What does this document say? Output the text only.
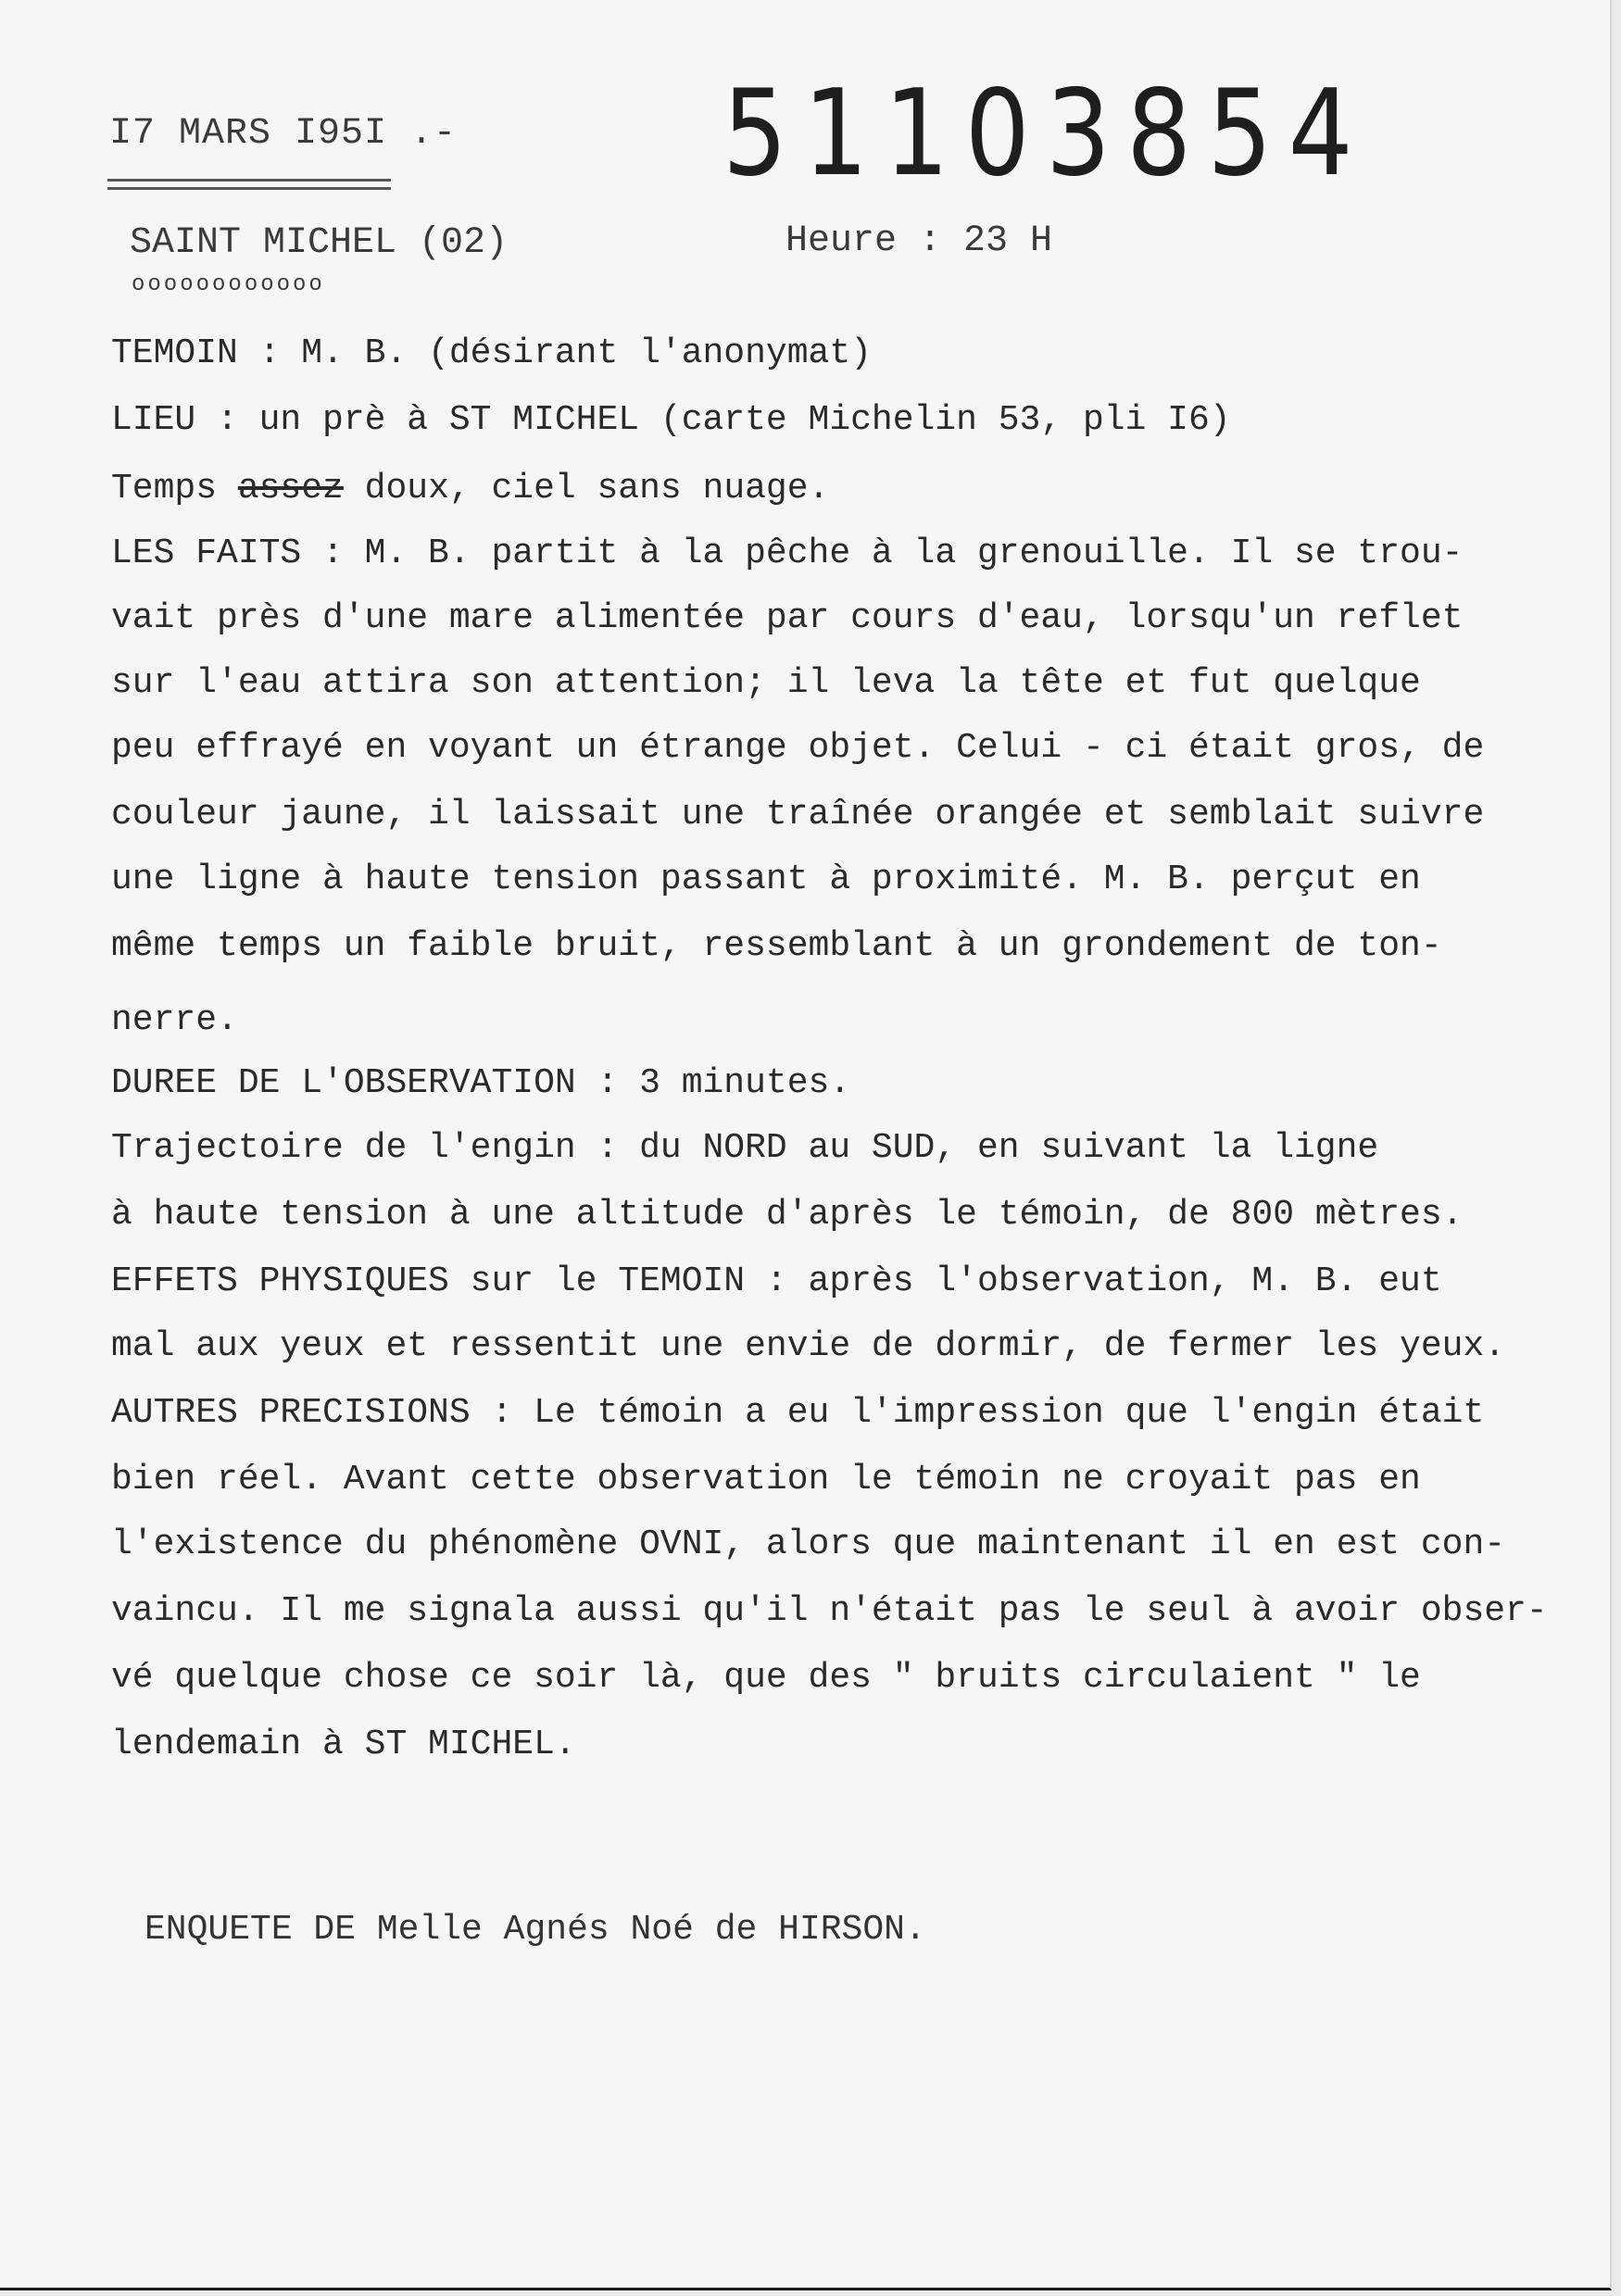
I7 MARS I95I .- 51103854
SAINT MICHEL (02)
oooooooooooo
Heure : 23 H
TEMOIN : M. B. (désirant l'anonymat)
LIEU : un prè à ST MICHEL (carte Michelin 53, pli I6)
Temps assez doux, ciel sans nuage.
LES FAITS : M. B. partit à la pêche à la grenouille. Il se trou-
vait près d'une mare alimentée par cours d'eau, lorsqu'un reflet
sur l'eau attira son attention; il leva la tête et fut quelque
peu effrayé en voyant un étrange objet. Celui - ci était gros, de
couleur jaune, il laissait une traînée orangée et semblait suivre
une ligne à haute tension passant à proximité. M. B. perçut en
même temps un faible bruit, ressemblant à un grondement de ton-
nerre.
DUREE DE L'OBSERVATION : 3 minutes.
Trajectoire de l'engin : du NORD au SUD, en suivant la ligne
à haute tension à une altitude d'après le témoin, de 800 mètres.
EFFETS PHYSIQUES sur le TEMOIN : après l'observation, M. B. eut
mal aux yeux et ressentit une envie de dormir, de fermer les yeux.
AUTRES PRECISIONS : Le témoin a eu l'impression que l'engin était
bien réel. Avant cette observation le témoin ne croyait pas en
l'existence du phénomène OVNI, alors que maintenant il en est con-
vaincu. Il me signala aussi qu'il n'était pas le seul à avoir obser-
vé quelque chose ce soir là, que des " bruits circulaient " le
lendemain à ST MICHEL.
ENQUETE DE Melle Agnés Noé de HIRSON.
